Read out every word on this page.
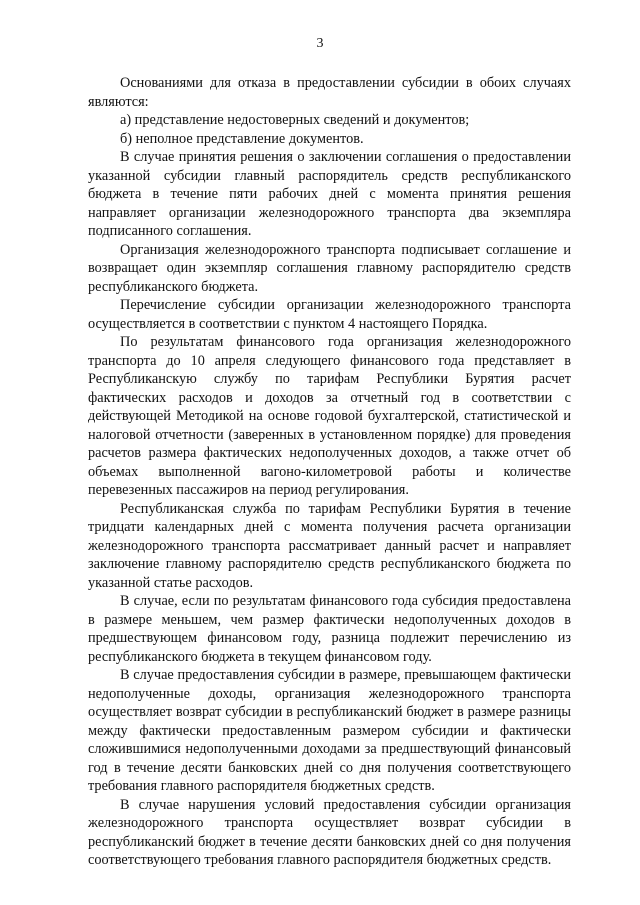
3

Основаниями для отказа в предоставлении субсидии в обоих случаях являются:

а) представление недостоверных сведений и документов;

б) неполное представление документов.

В случае принятия решения о заключении соглашения о предоставлении указанной субсидии главный распорядитель средств республиканского бюджета в течение пяти рабочих дней с момента принятия решения направляет организации железнодорожного транспорта два экземпляра подписанного соглашения.

Организация железнодорожного транспорта подписывает соглашение и возвращает один экземпляр соглашения главному распорядителю средств республиканского бюджета.

Перечисление субсидии организации железнодорожного транспорта осуществляется в соответствии с пунктом 4 настоящего Порядка.

По результатам финансового года организация железнодорожного транспорта до 10 апреля следующего финансового года представляет в Республиканскую службу по тарифам Республики Бурятия расчет фактических расходов и доходов за отчетный год в соответствии с действующей Методикой на основе годовой бухгалтерской, статистической и налоговой отчетности (заверенных в установленном порядке) для проведения расчетов размера фактических недополученных доходов, а также отчет об объемах выполненной вагоно-километровой работы и количестве перевезенных пассажиров на период регулирования.

Республиканская служба по тарифам Республики Бурятия в течение тридцати календарных дней с момента получения расчета организации железнодорожного транспорта рассматривает данный расчет и направляет заключение главному распорядителю средств республиканского бюджета по указанной статье расходов.

В случае, если по результатам финансового года субсидия предоставлена в размере меньшем, чем размер фактически недополученных доходов в предшествующем финансовом году, разница подлежит перечислению из республиканского бюджета в текущем финансовом году.

В случае предоставления субсидии в размере, превышающем фактически недополученные доходы, организация железнодорожного транспорта осуществляет возврат субсидии в республиканский бюджет в размере разницы между фактически предоставленным размером субсидии и фактически сложившимися недополученными доходами за предшествующий финансовый год в течение десяти банковских дней со дня получения соответствующего требования главного распорядителя бюджетных средств.

В случае нарушения условий предоставления субсидии организация железнодорожного транспорта осуществляет возврат субсидии в республиканский бюджет в течение десяти банковских дней со дня получения соответствующего требования главного распорядителя бюджетных средств.
